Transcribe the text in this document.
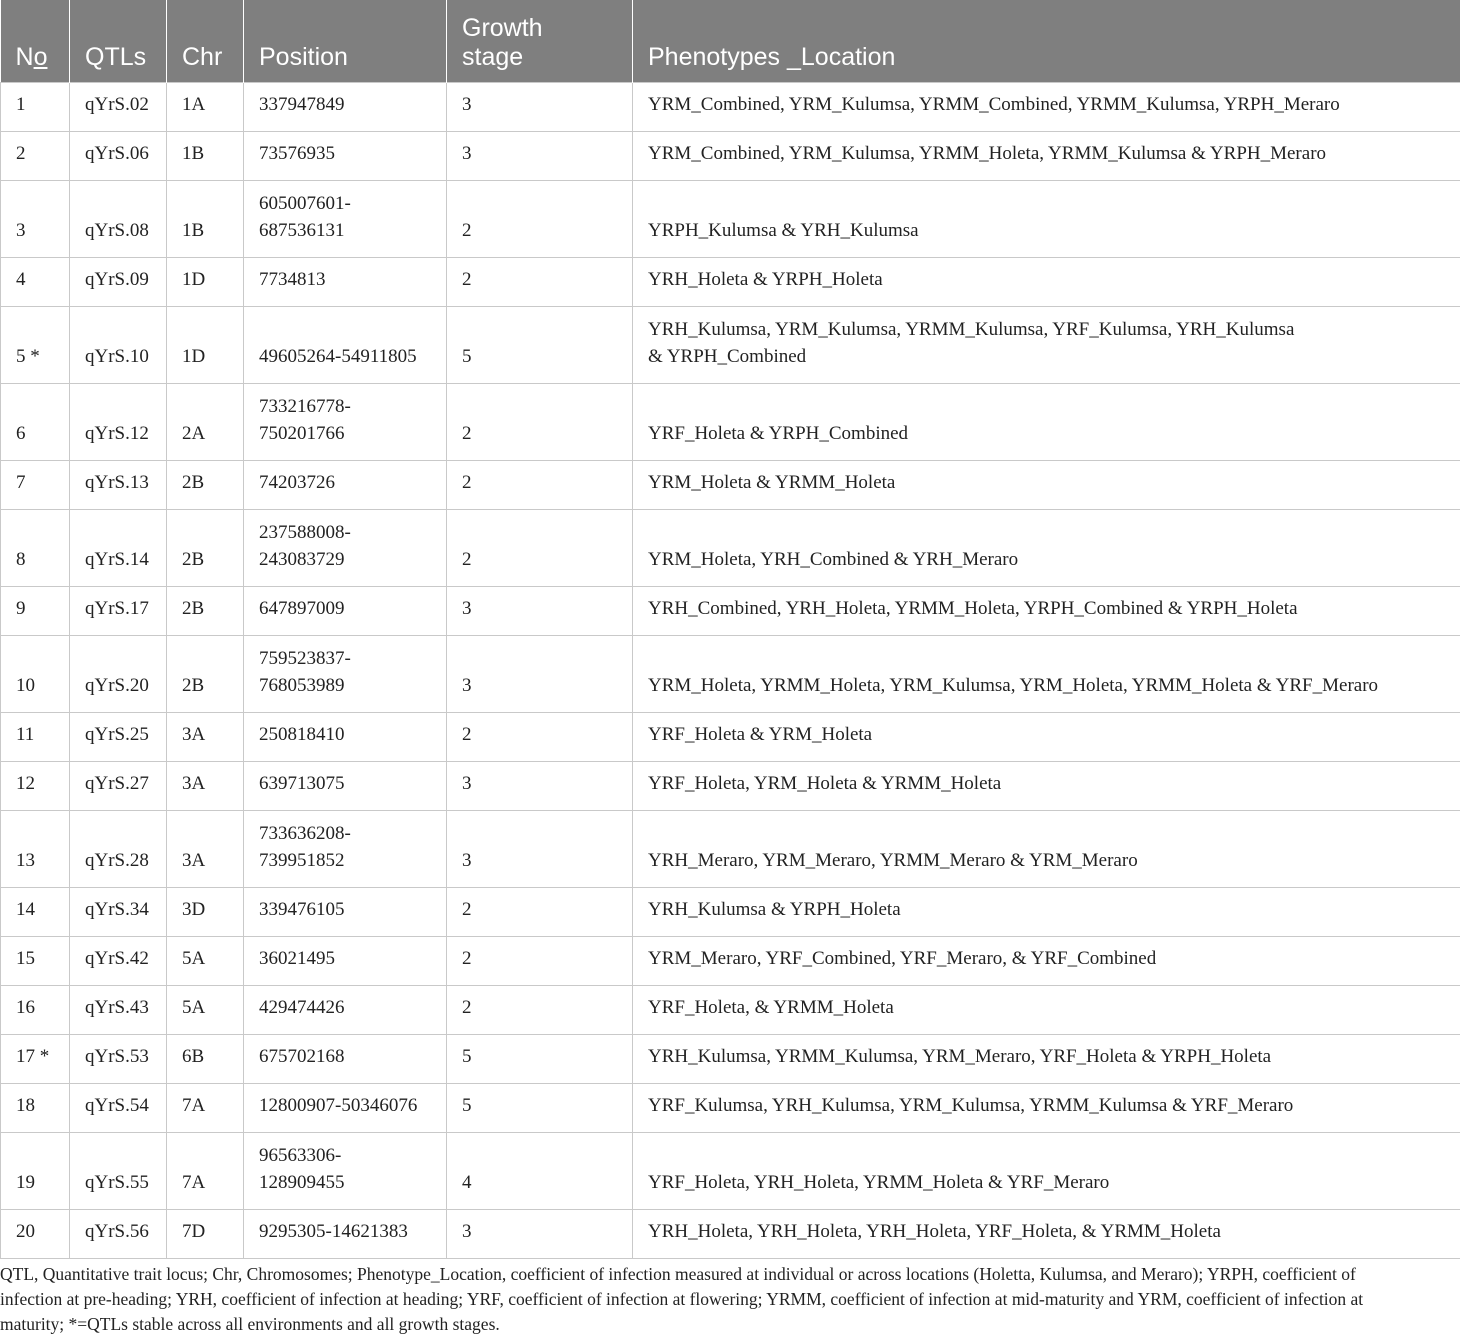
No	QTLs	Chr	Position	Growth
stage	Phenotypes _Location
1	qYrS.02	1A	337947849	3	YRM_Combined, YRM_Kulumsa, YRMM_Combined, YRMM_Kulumsa, YRPH_Meraro
2	qYrS.06	1B	73576935	3	YRM_Combined, YRM_Kulumsa, YRMM_Holeta, YRMM_Kulumsa & YRPH_Meraro
3	qYrS.08	1B	605007601-
687536131	2	YRPH_Kulumsa & YRH_Kulumsa
4	qYrS.09	1D	7734813	2	YRH_Holeta & YRPH_Holeta
5 *	qYrS.10	1D	49605264-54911805	5	YRH_Kulumsa, YRM_Kulumsa, YRMM_Kulumsa, YRF_Kulumsa, YRH_Kulumsa
& YRPH_Combined

6	qYrS.12	2A	733216778-
750201766	2	YRF_Holeta & YRPH_Combined
7	qYrS.13	2B	74203726	2	YRM_Holeta & YRMM_Holeta
8	qYrS.14	2B	237588008-
243083729	2	YRM_Holeta, YRH_Combined & YRH_Meraro
9	qYrS.17	2B	647897009	3	YRH_Combined, YRH_Holeta, YRMM_Holeta, YRPH_Combined & YRPH_Holeta
10	qYrS.20	2B	759523837-
768053989	3	YRM_Holeta, YRMM_Holeta, YRM_Kulumsa, YRM_Holeta, YRMM_Holeta & YRF_Meraro
11	qYrS.25	3A	250818410	2	YRF_Holeta & YRM_Holeta
12	qYrS.27	3A	639713075	3	YRF_Holeta, YRM_Holeta & YRMM_Holeta
13	qYrS.28	3A	733636208-
739951852	3	YRH_Meraro, YRM_Meraro, YRMM_Meraro & YRM_Meraro
14	qYrS.34	3D	339476105	2	YRH_Kulumsa & YRPH_Holeta
15	qYrS.42	5A	36021495	2	YRM_Meraro, YRF_Combined, YRF_Meraro, & YRF_Combined
16	qYrS.43	5A	429474426	2	YRF_Holeta, & YRMM_Holeta
17 *	qYrS.53	6B	675702168	5	YRH_Kulumsa, YRMM_Kulumsa, YRM_Meraro, YRF_Holeta & YRPH_Holeta
18	qYrS.54	7A	12800907-50346076	5	YRF_Kulumsa, YRH_Kulumsa, YRM_Kulumsa, YRMM_Kulumsa & YRF_Meraro
19	qYrS.55	7A	96563306-
128909455	4	YRF_Holeta, YRH_Holeta, YRMM_Holeta & YRF_Meraro
20	qYrS.56	7D	9295305-14621383	3	YRH_Holeta, YRH_Holeta, YRH_Holeta, YRF_Holeta, & YRMM_Holeta
QTL, Quantitative trait locus; Chr, Chromosomes; Phenotype_Location, coefficient of infection measured at individual or across locations (Holetta, Kulumsa, and Meraro); YRPH, coefficient of
infection at pre-heading; YRH, coefficient of infection at heading; YRF, coefficient of infection at flowering; YRMM, coefficient of infection at mid-maturity and YRM, coefficient of infection at
maturity; *=QTLs stable across all environments and all growth stages.
